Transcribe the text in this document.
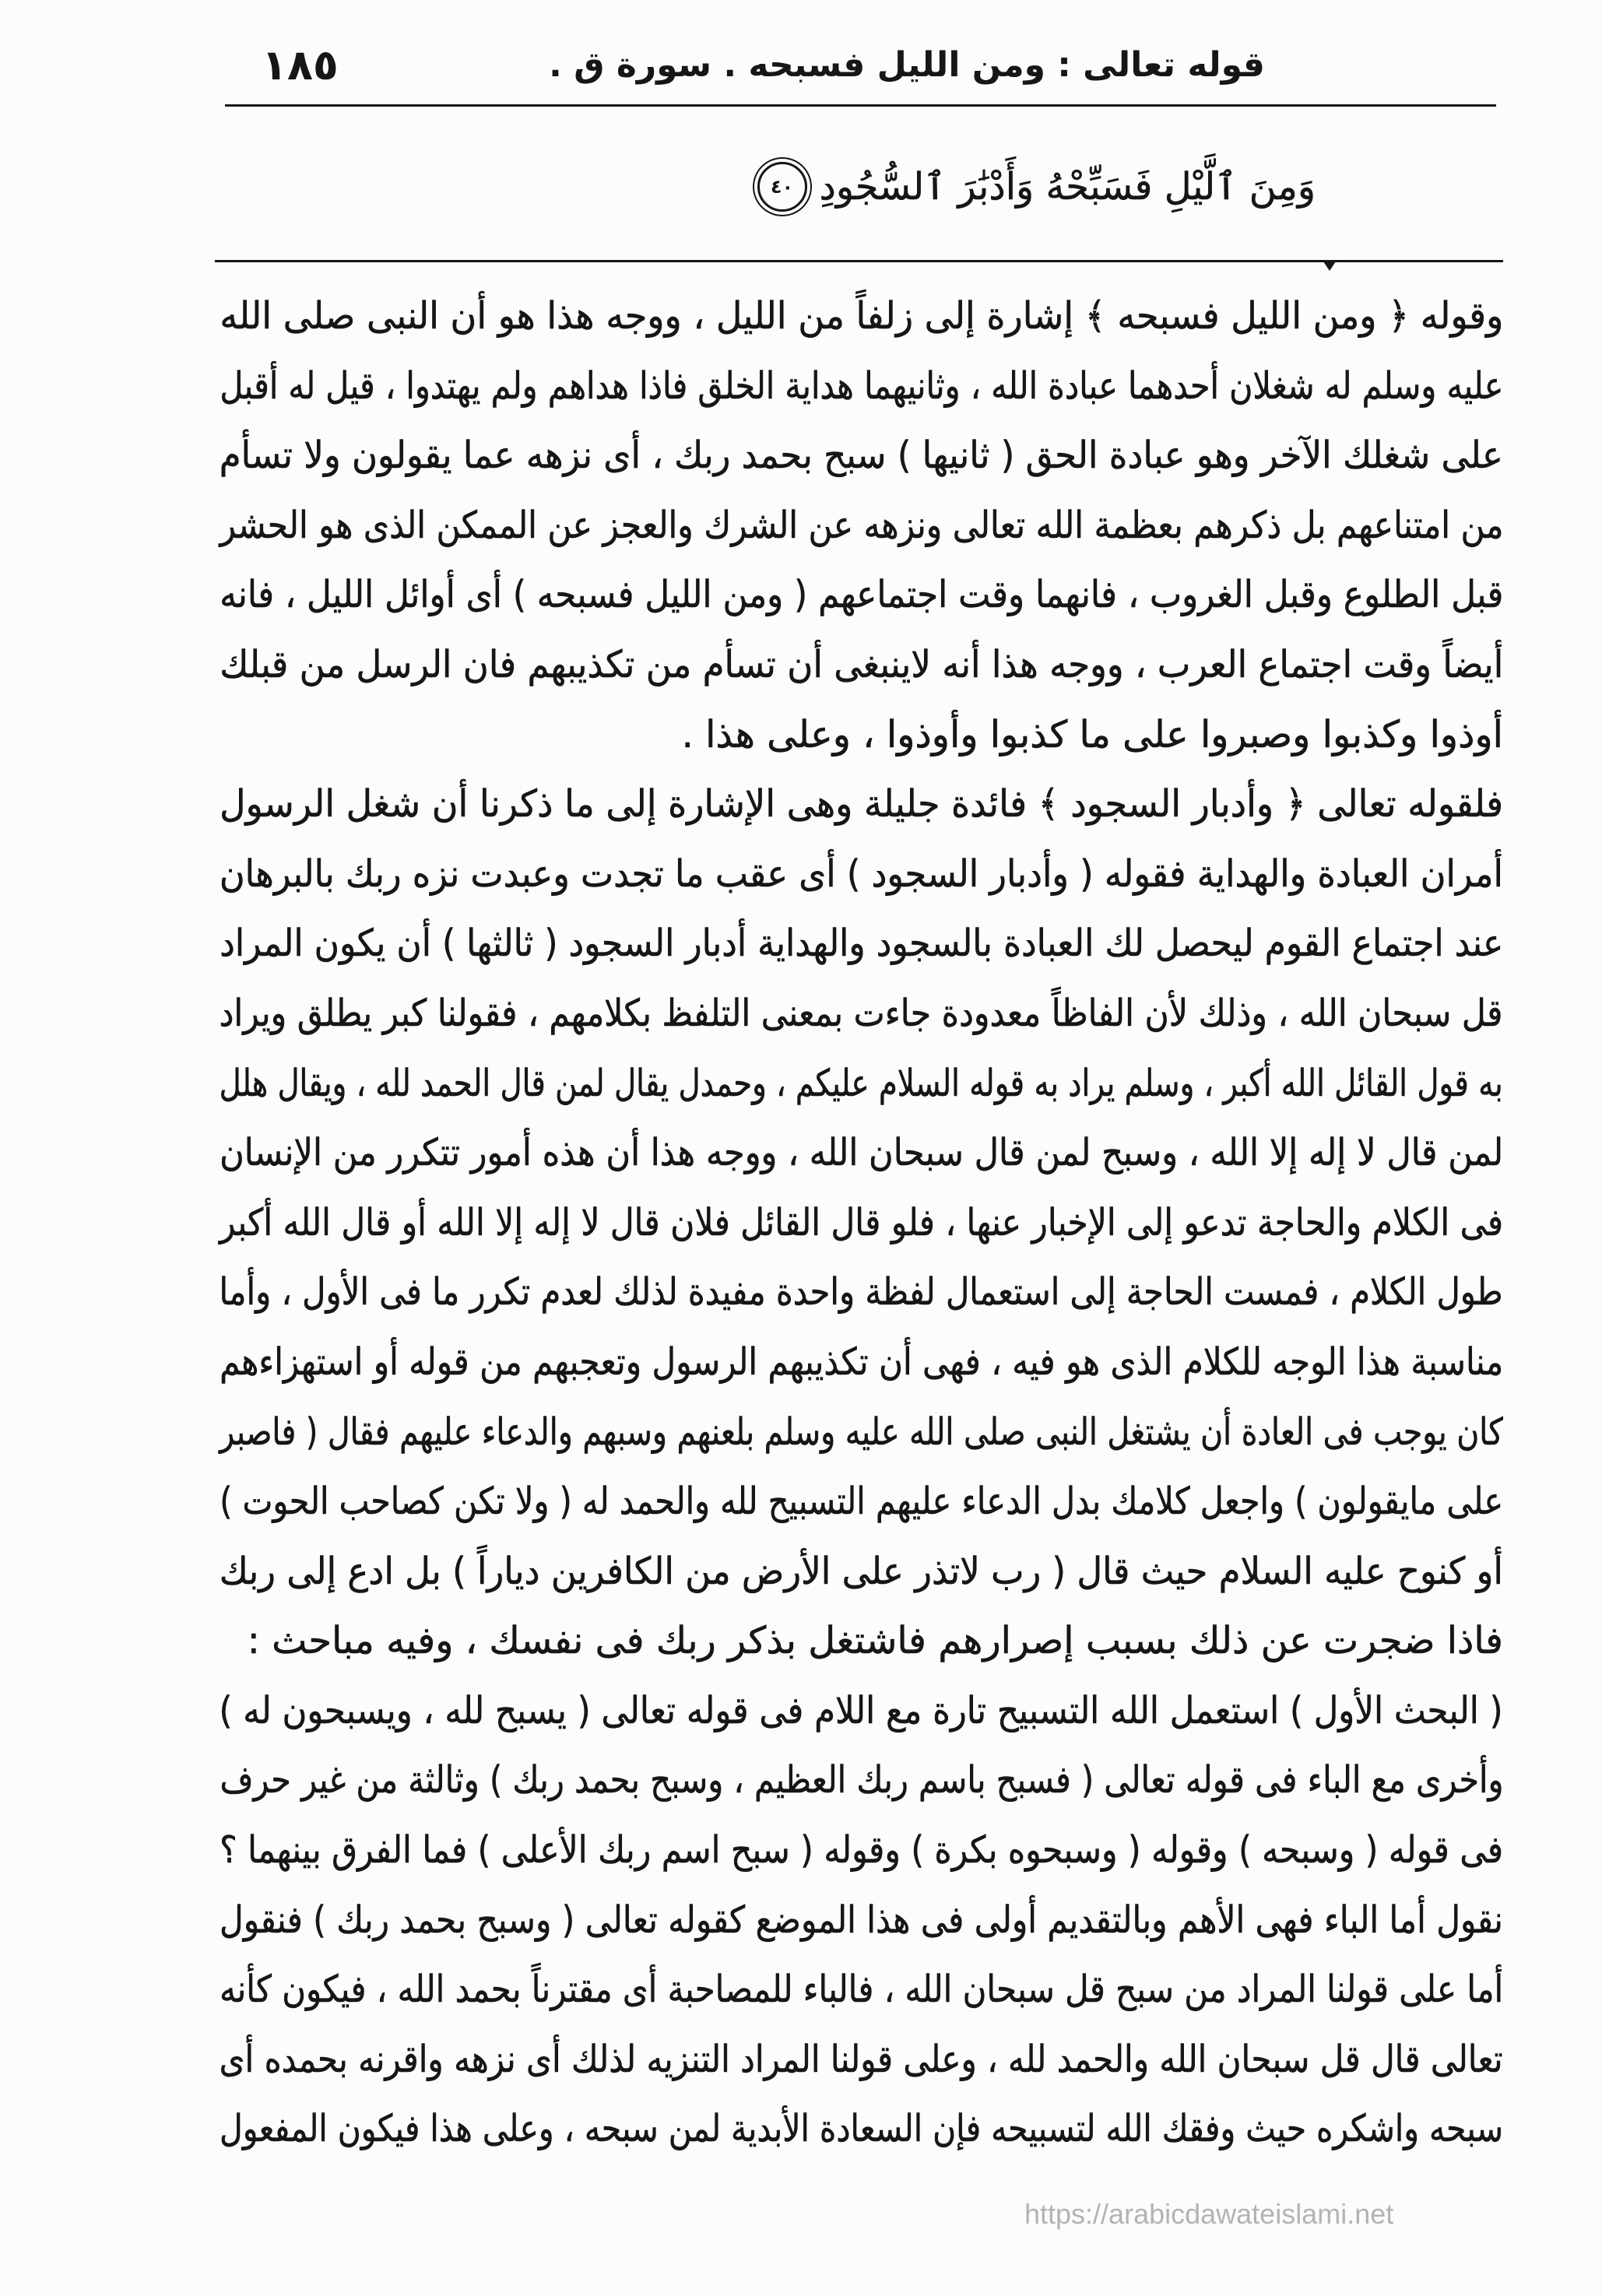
قوله تعالى : ومن الليل فسبحه . سورة ق .
١٨٥
وَمِنَ ٱلَّيْلِ فَسَبِّحْهُ وَأَدْبَٰرَ ٱلسُّجُودِ
٤٠
وقوله ﴿ ومن الليل فسبحه ﴾ إشارة إلى زلفاً من الليل ، ووجه هذا هو أن النبى صلى الله
عليه وسلم له شغلان أحدهما عبادة الله ، وثانيهما هداية الخلق فاذا هداهم ولم يهتدوا ، قيل له أقبل
على شغلك الآخر وهو عبادة الحق ( ثانيها ) سبح بحمد ربك ، أى نزهه عما يقولون ولا تسأم
من امتناعهم بل ذكرهم بعظمة الله تعالى ونزهه عن الشرك والعجز عن الممكن الذى هو الحشر
قبل الطلوع وقبل الغروب ، فانهما وقت اجتماعهم ( ومن الليل فسبحه ) أى أوائل الليل ، فانه
أيضاً وقت اجتماع العرب ، ووجه هذا أنه لاينبغى أن تسأم من تكذيبهم فان الرسل من قبلك
أوذوا وكذبوا وصبروا على ما كذبوا وأوذوا ، وعلى هذا .
فلقوله تعالى ﴿ وأدبار السجود ﴾ فائدة جليلة وهى الإشارة إلى ما ذكرنا أن شغل الرسول
أمران العبادة والهداية فقوله ( وأدبار السجود ) أى عقب ما تجدت وعبدت نزه ربك بالبرهان
عند اجتماع القوم ليحصل لك العبادة بالسجود والهداية أدبار السجود ( ثالثها ) أن يكون المراد
قل سبحان الله ، وذلك لأن الفاظاً معدودة جاءت بمعنى التلفظ بكلامهم ، فقولنا كبر يطلق ويراد
به قول القائل الله أكبر ، وسلم يراد به قوله السلام عليكم ، وحمدل يقال لمن قال الحمد لله ، ويقال هلل
لمن قال لا إله إلا الله ، وسبح لمن قال سبحان الله ، ووجه هذا أن هذه أمور تتكرر من الإنسان
فى الكلام والحاجة تدعو إلى الإخبار عنها ، فلو قال القائل فلان قال لا إله إلا الله أو قال الله أكبر
طول الكلام ، فمست الحاجة إلى استعمال لفظة واحدة مفيدة لذلك لعدم تكرر ما فى الأول ، وأما
مناسبة هذا الوجه للكلام الذى هو فيه ، فهى أن تكذيبهم الرسول وتعجبهم من قوله أو استهزاءهم
كان يوجب فى العادة أن يشتغل النبى صلى الله عليه وسلم بلعنهم وسبهم والدعاء عليهم فقال ( فاصبر
على مايقولون ) واجعل كلامك بدل الدعاء عليهم التسبيح لله والحمد له ( ولا تكن كصاحب الحوت )
أو كنوح عليه السلام حيث قال ( رب لاتذر على الأرض من الكافرين دياراً ) بل ادع إلى ربك
فاذا ضجرت عن ذلك بسبب إصرارهم فاشتغل بذكر ربك فى نفسك ، وفيه مباحث :
( البحث الأول ) استعمل الله التسبيح تارة مع اللام فى قوله تعالى ( يسبح لله ، ويسبحون له )
وأخرى مع الباء فى قوله تعالى ( فسبح باسم ربك العظيم ، وسبح بحمد ربك ) وثالثة من غير حرف
فى قوله ( وسبحه ) وقوله ( وسبحوه بكرة ) وقوله ( سبح اسم ربك الأعلى ) فما الفرق بينهما ؟
نقول أما الباء فهى الأهم وبالتقديم أولى فى هذا الموضع كقوله تعالى ( وسبح بحمد ربك ) فنقول
أما على قولنا المراد من سبح قل سبحان الله ، فالباء للمصاحبة أى مقترناً بحمد الله ، فيكون كأنه
تعالى قال قل سبحان الله والحمد لله ، وعلى قولنا المراد التنزيه لذلك أى نزهه واقرنه بحمده أى
سبحه واشكره حيث وفقك الله لتسبيحه فإن السعادة الأبدية لمن سبحه ، وعلى هذا فيكون المفعول
https://arabicdawateislami.net
